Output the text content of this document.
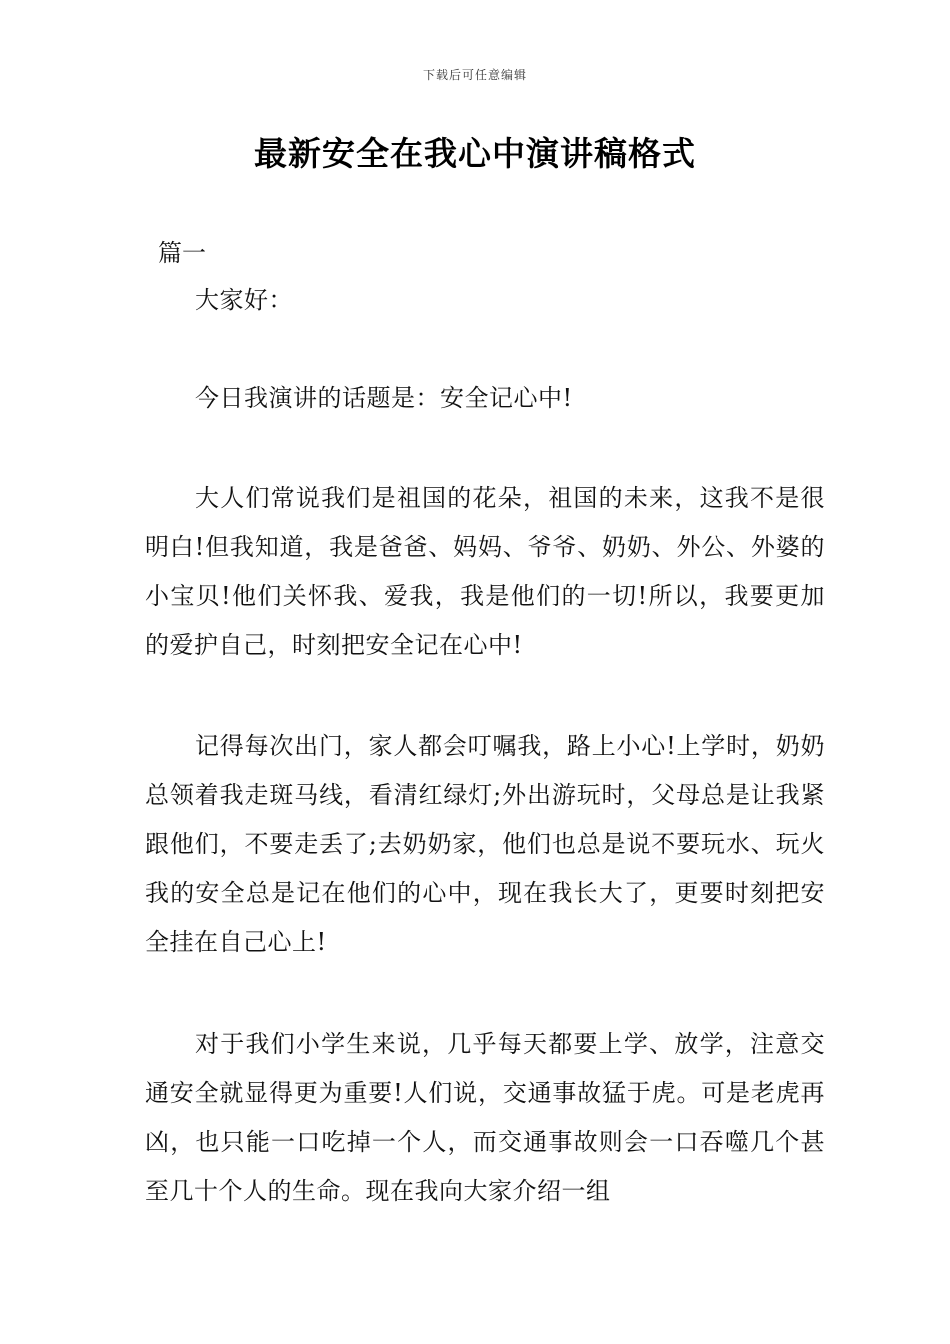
下载后可任意编辑
最新安全在我心中演讲稿格式
篇一

大家好：

今日我演讲的话题是：安全记心中!

大人们常说我们是祖国的花朵，祖国的未来，这我不是很明白!但我知道，我是爸爸、妈妈、爷爷、奶奶、外公、外婆的小宝贝!他们关怀我、爱我，我是他们的一切!所以，我要更加的爱护自己，时刻把安全记在心中!

记得每次出门，家人都会叮嘱我，路上小心!上学时，奶奶总领着我走斑马线，看清红绿灯;外出游玩时，父母总是让我紧跟他们，不要走丢了;去奶奶家，他们也总是说不要玩水、玩火我的安全总是记在他们的心中，现在我长大了，更要时刻把安全挂在自己心上!

对于我们小学生来说，几乎每天都要上学、放学，注意交通安全就显得更为重要!人们说，交通事故猛于虎。可是老虎再凶，也只能一口吃掉一个人，而交通事故则会一口吞噬几个甚至几十个人的生命。现在我向大家介绍一组
